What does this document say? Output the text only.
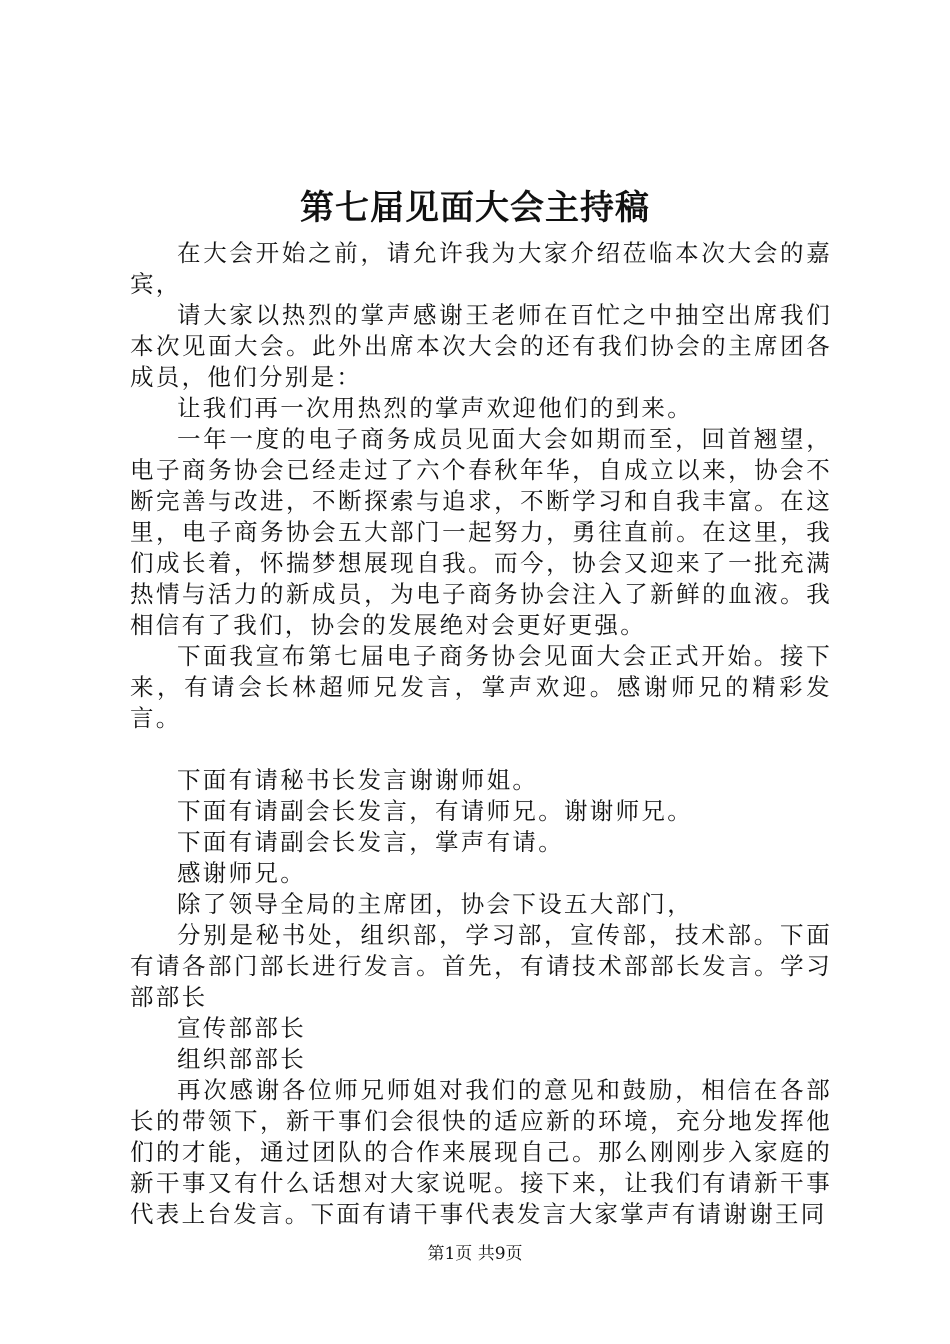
第七届见面大会主持稿

在大会开始之前，请允许我为大家介绍莅临本次大会的嘉宾，

请大家以热烈的掌声感谢王老师在百忙之中抽空出席我们本次见面大会。此外出席本次大会的还有我们协会的主席团各成员，他们分别是：

让我们再一次用热烈的掌声欢迎他们的到来。

一年一度的电子商务成员见面大会如期而至，回首翘望，电子商务协会已经走过了六个春秋年华，自成立以来，协会不断完善与改进，不断探索与追求，不断学习和自我丰富。在这里，电子商务协会五大部门一起努力，勇往直前。在这里，我们成长着，怀揣梦想展现自我。而今，协会又迎来了一批充满热情与活力的新成员，为电子商务协会注入了新鲜的血液。我相信有了我们，协会的发展绝对会更好更强。

下面我宣布第七届电子商务协会见面大会正式开始。接下来，有请会长林超师兄发言，掌声欢迎。感谢师兄的精彩发言。

下面有请秘书长发言谢谢师姐。

下面有请副会长发言，有请师兄。谢谢师兄。

下面有请副会长发言，掌声有请。

感谢师兄。

除了领导全局的主席团，协会下设五大部门，

分别是秘书处，组织部，学习部，宣传部，技术部。下面有请各部门部长进行发言。首先，有请技术部部长发言。学习部部长

宣传部部长

组织部部长

再次感谢各位师兄师姐对我们的意见和鼓励，相信在各部长的带领下，新干事们会很快的适应新的环境，充分地发挥他们的才能，通过团队的合作来展现自己。那么刚刚步入家庭的新干事又有什么话想对大家说呢。接下来，让我们有请新干事代表上台发言。下面有请干事代表发言大家掌声有请谢谢王同

第1页 共9页
